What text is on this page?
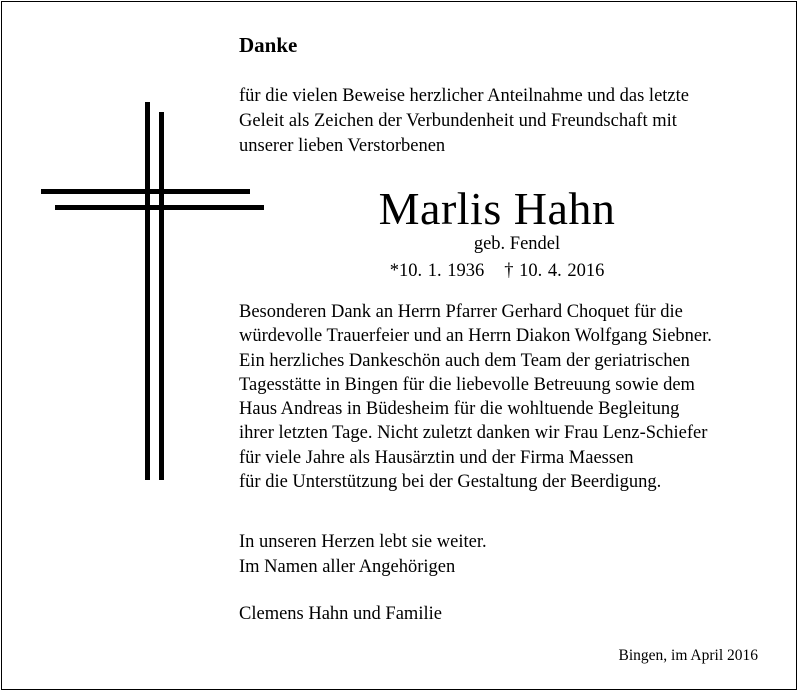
Danke
für die vielen Beweise herzlicher Anteilnahme und das letzte
Geleit als Zeichen der Verbundenheit und Freundschaft mit
unserer lieben Verstorbenen
Marlis Hahn
geb. Fendel
*10. 1. 1936 † 10. 4. 2016
Besonderen Dank an Herrn Pfarrer Gerhard Choquet für die
würdevolle Trauerfeier und an Herrn Diakon Wolfgang Siebner.
Ein herzliches Dankeschön auch dem Team der geriatrischen
Tagesstätte in Bingen für die liebevolle Betreuung sowie dem
Haus Andreas in Büdesheim für die wohltuende Begleitung
ihrer letzten Tage. Nicht zuletzt danken wir Frau Lenz-Schiefer
für viele Jahre als Hausärztin und der Firma Maessen
für die Unterstützung bei der Gestaltung der Beerdigung.
In unseren Herzen lebt sie weiter.
Im Namen aller Angehörigen
Clemens Hahn und Familie
Bingen, im April 2016
